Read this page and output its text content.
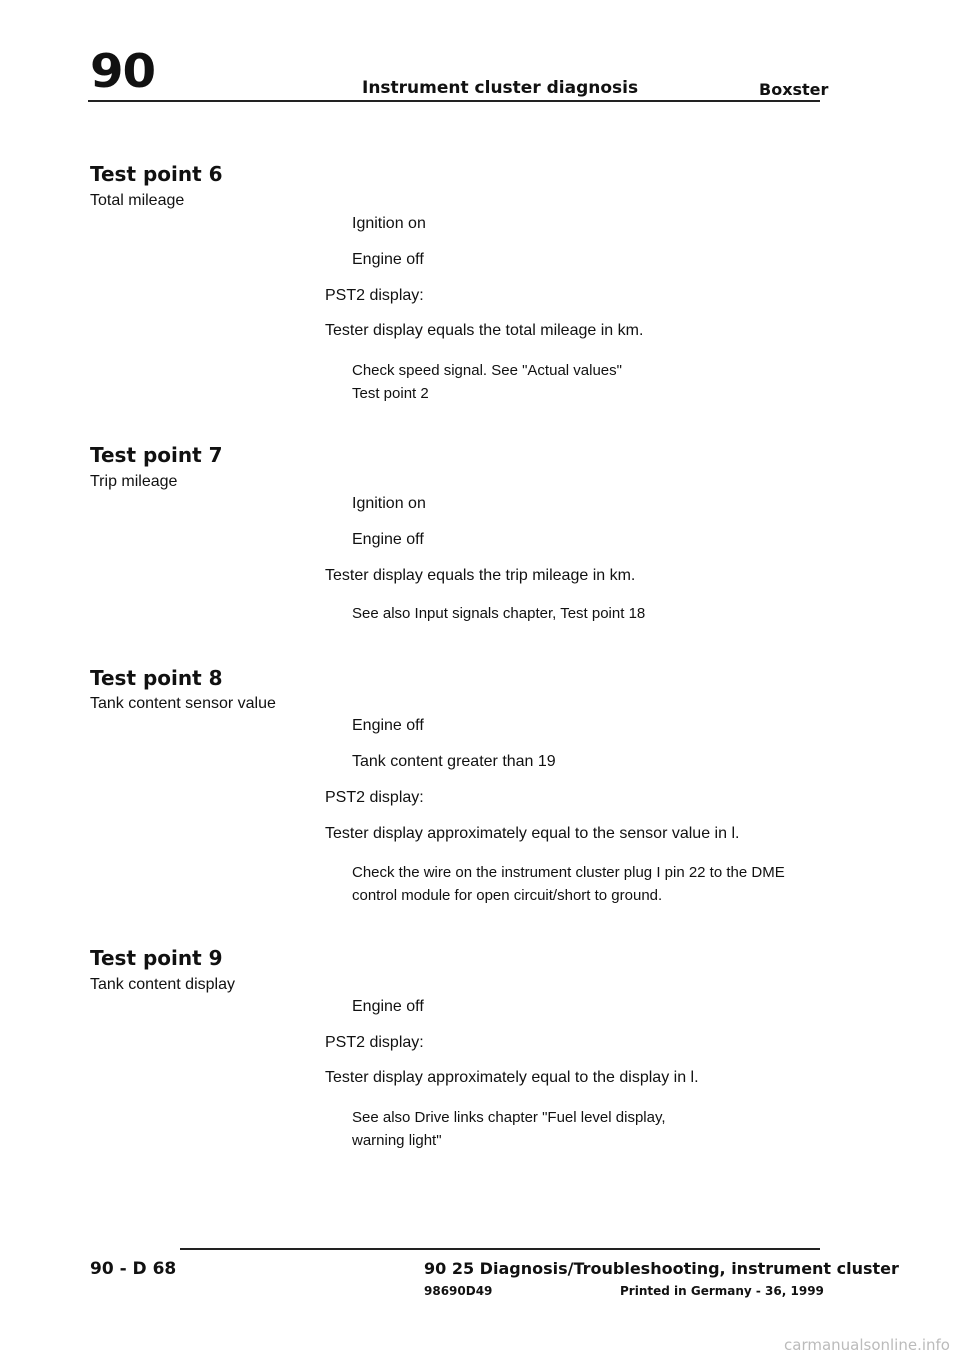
90	Instrument cluster diagnosis	Boxster
Test point 6
Total mileage
Ignition on
Engine off
PST2 display:
Tester display equals the total mileage in km.
Check speed signal. See "Actual values"
Test point 2
Test point 7
Trip mileage
Ignition on
Engine off
Tester display equals the trip mileage in km.
See also Input signals chapter, Test point 18
Test point 8
Tank content sensor value
Engine off
Tank content greater than 19
PST2 display:
Tester display approximately equal to the sensor value in l.
Check the wire on the instrument cluster plug I pin 22 to the DME
control module for open circuit/short to ground.
Test point 9
Tank content display
Engine off
PST2 display:
Tester display approximately equal to the display in l.
See also Drive links chapter "Fuel level display,
warning light"
90 - D 68	90 25 Diagnosis/Troubleshooting, instrument cluster
98690D49	Printed in Germany - 36, 1999
carmanualsonline.info
